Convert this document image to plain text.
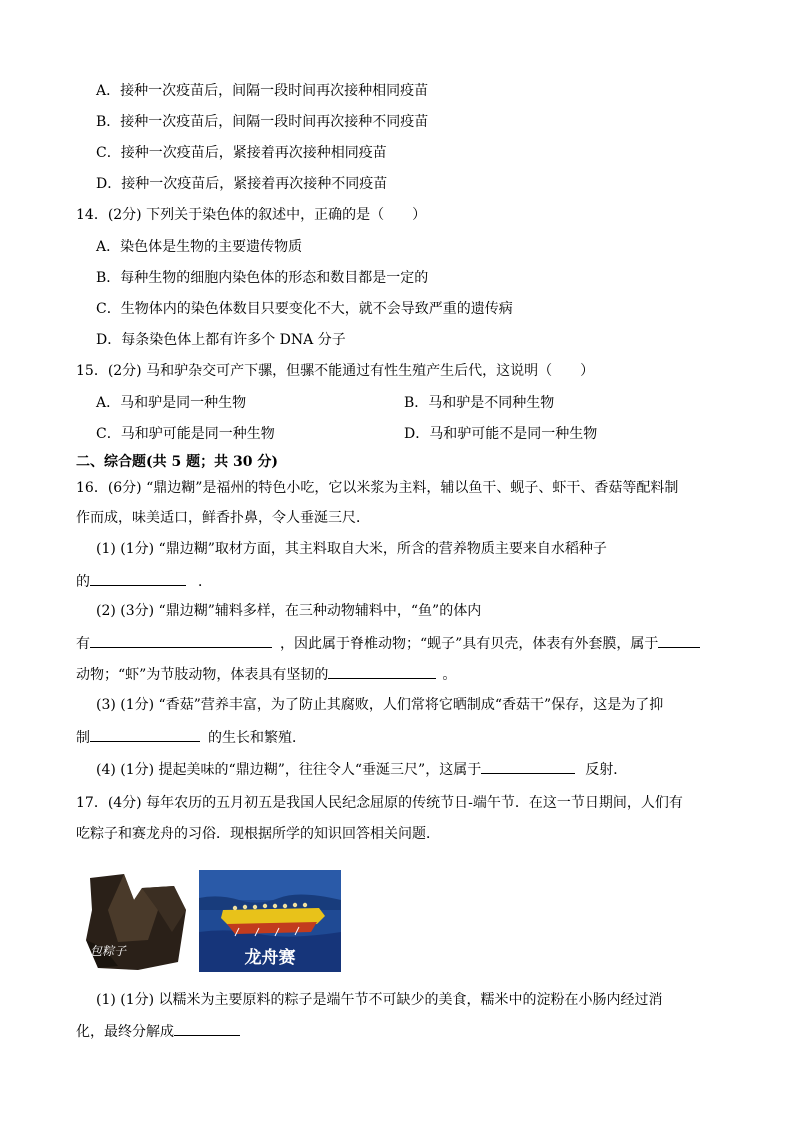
A．接种一次疫苗后，间隔一段时间再次接种相同疫苗
B．接种一次疫苗后，间隔一段时间再次接种不同疫苗
C．接种一次疫苗后，紧接着再次接种相同疫苗
D．接种一次疫苗后，紧接着再次接种不同疫苗
14．(2分) 下列关于染色体的叙述中，正确的是（　　）
A．染色体是生物的主要遗传物质
B．每种生物的细胞内染色体的形态和数目都是一定的
C．生物体内的染色体数目只要变化不大，就不会导致严重的遗传病
D．每条染色体上都有许多个 DNA 分子
15．(2分) 马和驴杂交可产下骡，但骡不能通过有性生殖产生后代，这说明（　　）
A．马和驴是同一种生物	B．马和驴是不同种生物
C．马和驴可能是同一种生物	D．马和驴可能不是同一种生物
二、综合题(共 5 题；共 30 分)
16．(6分) “鼎边糊”是福州的特色小吃，它以米浆为主料，辅以鱼干、蚬子、虾干、香菇等配料制
作而成，味美适口，鲜香扑鼻，令人垂涎三尺．
(1) (1分) “鼎边糊”取材方面，其主料取自大米，所含的营养物质主要来自水稻种子
的	．
(2) (3分) “鼎边糊”辅料多样，在三种动物辅料中，“鱼”的体内
有	，因此属于脊椎动物；“蚬子”具有贝壳，体表有外套膜，属于
动物；“虾”为节肢动物，体表具有坚韧的	。
(3) (1分) “香菇”营养丰富，为了防止其腐败，人们常将它晒制成“香菇干”保存，这是为了抑
制	的生长和繁殖．
(4) (1分) 提起美味的“鼎边糊”，往往令人“垂涎三尺”，这属于	反射．
17．(4分) 每年农历的五月初五是我国人民纪念屈原的传统节日-端午节．在这一节日期间，人们有
吃粽子和赛龙舟的习俗．现根据所学的知识回答相关问题．
包粽子	龙舟赛
(1) (1分) 以糯米为主要原料的粽子是端午节不可缺少的美食，糯米中的淀粉在小肠内经过消
化，最终分解成
